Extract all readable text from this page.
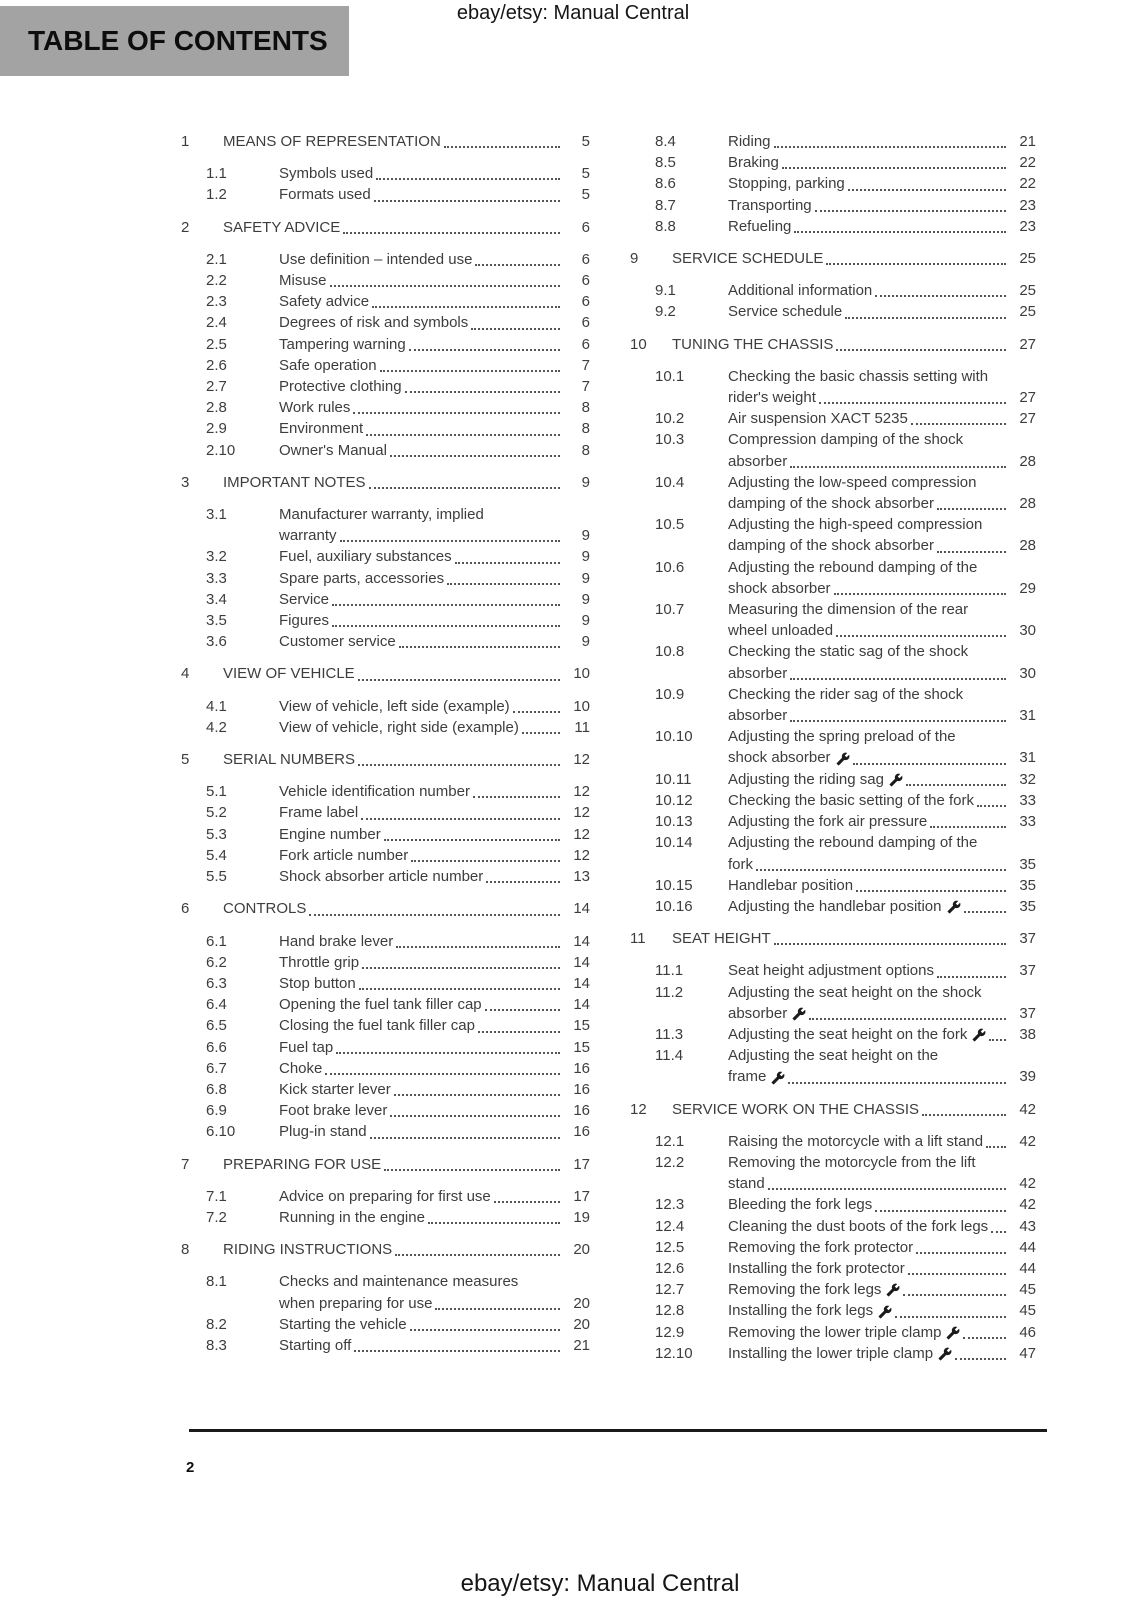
ebay/etsy: Manual Central
TABLE OF CONTENTS
1	MEANS OF REPRESENTATION	5
1.1	Symbols used	5
1.2	Formats used	5
2	SAFETY ADVICE	6
2.1	Use definition – intended use	6
2.2	Misuse	6
2.3	Safety advice	6
2.4	Degrees of risk and symbols	6
2.5	Tampering warning	6
2.6	Safe operation	7
2.7	Protective clothing	7
2.8	Work rules	8
2.9	Environment	8
2.10	Owner's Manual	8
3	IMPORTANT NOTES	9
3.1	Manufacturer warranty, implied
warranty	9
3.2	Fuel, auxiliary substances	9
3.3	Spare parts, accessories	9
3.4	Service	9
3.5	Figures	9
3.6	Customer service	9
4	VIEW OF VEHICLE	10
4.1	View of vehicle, left side (example)	10
4.2	View of vehicle, right side (example)	11
5	SERIAL NUMBERS	12
5.1	Vehicle identification number	12
5.2	Frame label	12
5.3	Engine number	12
5.4	Fork article number	12
5.5	Shock absorber article number	13
6	CONTROLS	14
6.1	Hand brake lever	14
6.2	Throttle grip	14
6.3	Stop button	14
6.4	Opening the fuel tank filler cap	14
6.5	Closing the fuel tank filler cap	15
6.6	Fuel tap	15
6.7	Choke	16
6.8	Kick starter lever	16
6.9	Foot brake lever	16
6.10	Plug-in stand	16
7	PREPARING FOR USE	17
7.1	Advice on preparing for first use	17
7.2	Running in the engine	19
8	RIDING INSTRUCTIONS	20
8.1	Checks and maintenance measures
when preparing for use	20
8.2	Starting the vehicle	20
8.3	Starting off	21
8.4	Riding	21
8.5	Braking	22
8.6	Stopping, parking	22
8.7	Transporting	23
8.8	Refueling	23
9	SERVICE SCHEDULE	25
9.1	Additional information	25
9.2	Service schedule	25
10	TUNING THE CHASSIS	27
10.1	Checking the basic chassis setting with
rider's weight	27
10.2	Air suspension XACT 5235	27
10.3	Compression damping of the shock
absorber	28
10.4	Adjusting the low-speed compression
damping of the shock absorber	28
10.5	Adjusting the high-speed compression
damping of the shock absorber	28
10.6	Adjusting the rebound damping of the
shock absorber	29
10.7	Measuring the dimension of the rear
wheel unloaded	30
10.8	Checking the static sag of the shock
absorber	30
10.9	Checking the rider sag of the shock
absorber	31
10.10	Adjusting the spring preload of the
shock absorber	31
10.11	Adjusting the riding sag	32
10.12	Checking the basic setting of the fork	33
10.13	Adjusting the fork air pressure	33
10.14	Adjusting the rebound damping of the
fork	35
10.15	Handlebar position	35
10.16	Adjusting the handlebar position	35
11	SEAT HEIGHT	37
11.1	Seat height adjustment options	37
11.2	Adjusting the seat height on the shock
absorber	37
11.3	Adjusting the seat height on the fork	38
11.4	Adjusting the seat height on the
frame	39
12	SERVICE WORK ON THE CHASSIS	42
12.1	Raising the motorcycle with a lift stand	42
12.2	Removing the motorcycle from the lift
stand	42
12.3	Bleeding the fork legs	42
12.4	Cleaning the dust boots of the fork legs	43
12.5	Removing the fork protector	44
12.6	Installing the fork protector	44
12.7	Removing the fork legs	45
12.8	Installing the fork legs	45
12.9	Removing the lower triple clamp	46
12.10	Installing the lower triple clamp	47
2
ebay/etsy: Manual Central
